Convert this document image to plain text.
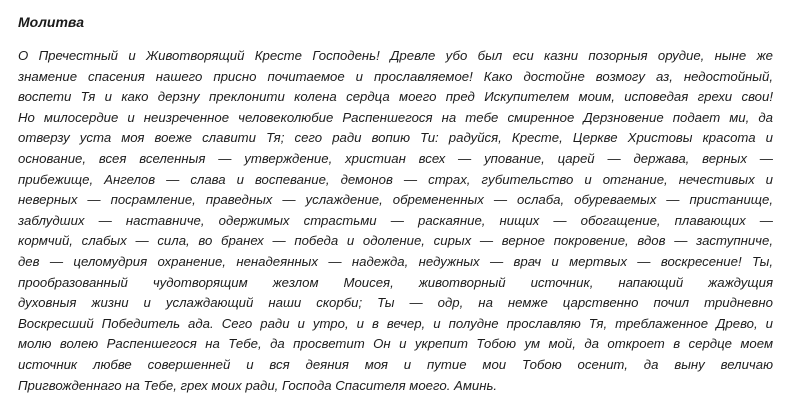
Молитва
О Пречестный и Животворящий Кресте Господень! Древле убо был еси казни позорныя орудие, ныне же
знамение спасения нашего присно почитаемое и прославляемое! Како достойне возмогу аз, недостойный,
воспети Тя и како дерзну преклонити колена сердца моего пред Искупителем моим, исповедая грехи свои!
Но милосердие и неизреченное человеколюбие Распеншегося на тебе смиренное Дерзновение подает ми, да
отверзу уста моя воеже славити Тя; сего ради вопию Ти: радуйся, Кресте, Церкве Христовы красота и
основание, всея вселенныя — утверждение, христиан всех — упование, царей — держава, верных —
прибежище, Ангелов — слава и воспевание, демонов — страх, губительство и отгнание, нечестивых и
неверных — посрамление, праведных — услаждение, обремененных — ослаба, обуреваемых — пристанище,
заблудших — наставниче, одержимых страстьми — раскаяние, нищих — обогащение, плавающих —
кормчий, слабых — сила, во бранех — победа и одоление, сирых — верное покровение, вдов — заступниче,
дев — целомудрия охранение, ненадеянных — надежда, недужных — врач и мертвых — воскресение! Ты,
прообразованный чудотворящим жезлом Моисея, животворный источник, напающий жаждущия
духовныя жизни и услаждающий наши скорби; Ты — одр, на немже царственно почил тридневно
Воскресший Победитель ада. Сего ради и утро, и в вечер, и полудне прославляю Тя, треблаженное Древо, и
молю волею Распеншегося на Тебе, да просветит Он и укрепит Тобою ум мой, да откроет в сердце моем
источник любве совершенней и вся деяния моя и путие мои Тобою осенит, да выну величаю
Пригвожденнаго на Тебе, грех моих ради, Господа Спасителя моего. Аминь.
